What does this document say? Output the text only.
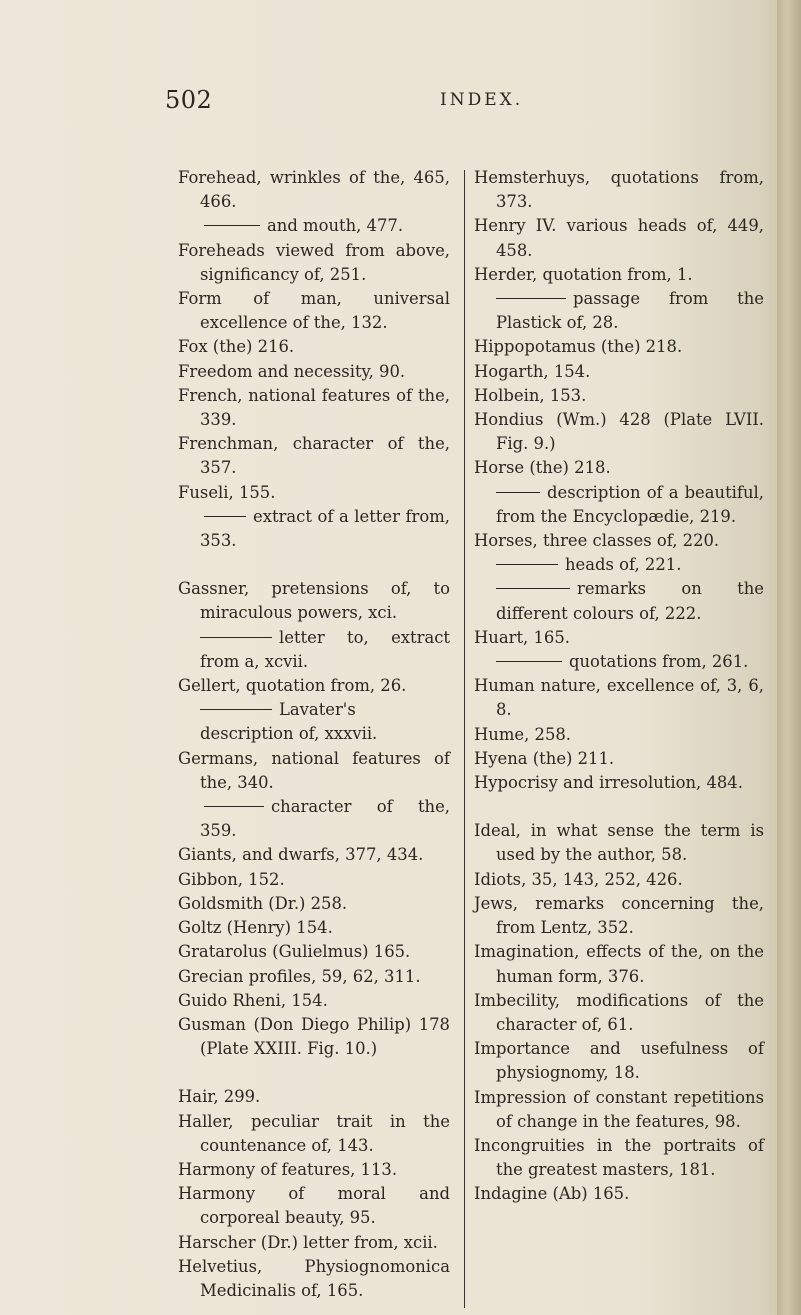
502	INDEX.
Forehead, wrinkles of the, 465, 466.
and mouth, 477.
Foreheads viewed from above, significancy of, 251.
Form of man, universal excellence of the, 132.
Fox (the) 216.
Freedom and necessity, 90.
French, national features of the, 339.
Frenchman, character of the, 357.
Fuseli, 155.
extract of a letter from, 353.
Gassner, pretensions of, to miraculous powers, xci.
letter to, extract from a, xcvii.
Gellert, quotation from, 26.
Lavater's description of, xxxvii.
Germans, national features of the, 340.
character of the, 359.
Giants, and dwarfs, 377, 434.
Gibbon, 152.
Goldsmith (Dr.) 258.
Goltz (Henry) 154.
Gratarolus (Gulielmus) 165.
Grecian profiles, 59, 62, 311.
Guido Rheni, 154.
Gusman (Don Diego Philip) 178 (Plate XXIII. Fig. 10.)
Hair, 299.
Haller, peculiar trait in the countenance of, 143.
Harmony of features, 113.
Harmony of moral and corporeal beauty, 95.
Harscher (Dr.) letter from, xcii.
Helvetius, Physiognomonica Medicinalis of, 165.
Hemsterhuys, quotations from, 373.
Henry IV. various heads of, 449, 458.
Herder, quotation from, 1.
passage from the Plastick of, 28.
Hippopotamus (the) 218.
Hogarth, 154.
Holbein, 153.
Hondius (Wm.) 428 (Plate LVII. Fig. 9.)
Horse (the) 218.
description of a beautiful, from the Encyclopædie, 219.
Horses, three classes of, 220.
heads of, 221.
remarks on the different colours of, 222.
Huart, 165.
quotations from, 261.
Human nature, excellence of, 3, 6, 8.
Hume, 258.
Hyena (the) 211.
Hypocrisy and irresolution, 484.
Ideal, in what sense the term is used by the author, 58.
Idiots, 35, 143, 252, 426.
Jews, remarks concerning the, from Lentz, 352.
Imagination, effects of the, on the human form, 376.
Imbecility, modifications of the character of, 61.
Importance and usefulness of physiognomy, 18.
Impression of constant repetitions of change in the features, 98.
Incongruities in the portraits of the greatest masters, 181.
Indagine (Ab) 165.
